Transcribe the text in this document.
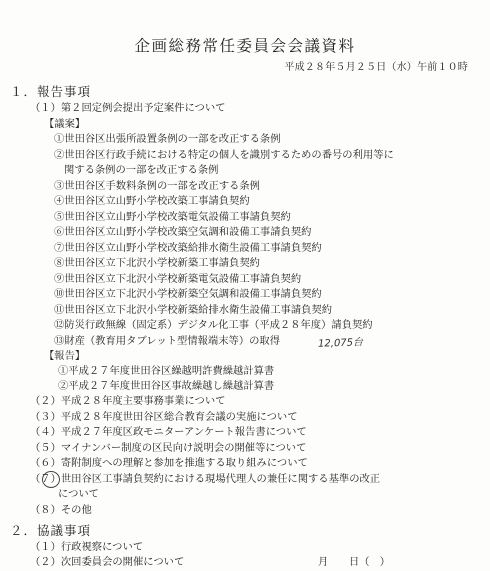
企画総務常任委員会会議資料
平成２８年５月２５日（水）午前１０時
１．報告事項
（１）第２回定例会提出予定案件について
【議案】
①世田谷区出張所設置条例の一部を改正する条例
②世田谷区行政手続における特定の個人を識別するための番号の利用等に
関する条例の一部を改正する条例
③世田谷区手数料条例の一部を改正する条例
④世田谷区立山野小学校改築工事請負契約
⑤世田谷区立山野小学校改築電気設備工事請負契約
⑥世田谷区立山野小学校改築空気調和設備工事請負契約
⑦世田谷区立山野小学校改築給排水衛生設備工事請負契約
⑧世田谷区立下北沢小学校新築工事請負契約
⑨世田谷区立下北沢小学校新築電気設備工事請負契約
⑩世田谷区立下北沢小学校新築空気調和設備工事請負契約
⑪世田谷区立下北沢小学校新築給排水衛生設備工事請負契約
⑫防災行政無線（固定系）デジタル化工事（平成２８年度）請負契約
⑬財産（教育用タブレット型情報端末等）の取得	12,075台
【報告】
①平成２７年度世田谷区繰越明許費繰越計算書
②平成２７年度世田谷区事故繰越し繰越計算書
（２）平成２８年度主要事務事業について
（３）平成２８年度世田谷区総合教育会議の実施について
（４）平成２７年度区政モニターアンケート報告書について
（５）マイナンバー制度の区民向け説明会の開催等について
（６）寄附制度への理解と参加を推進する取り組みについて
（７）世田谷区工事請負契約における現場代理人の兼任に関する基準の改正
について
（８）その他
２．協議事項
（１）行政視察について
（２）次回委員会の開催について	月　　日（　）
